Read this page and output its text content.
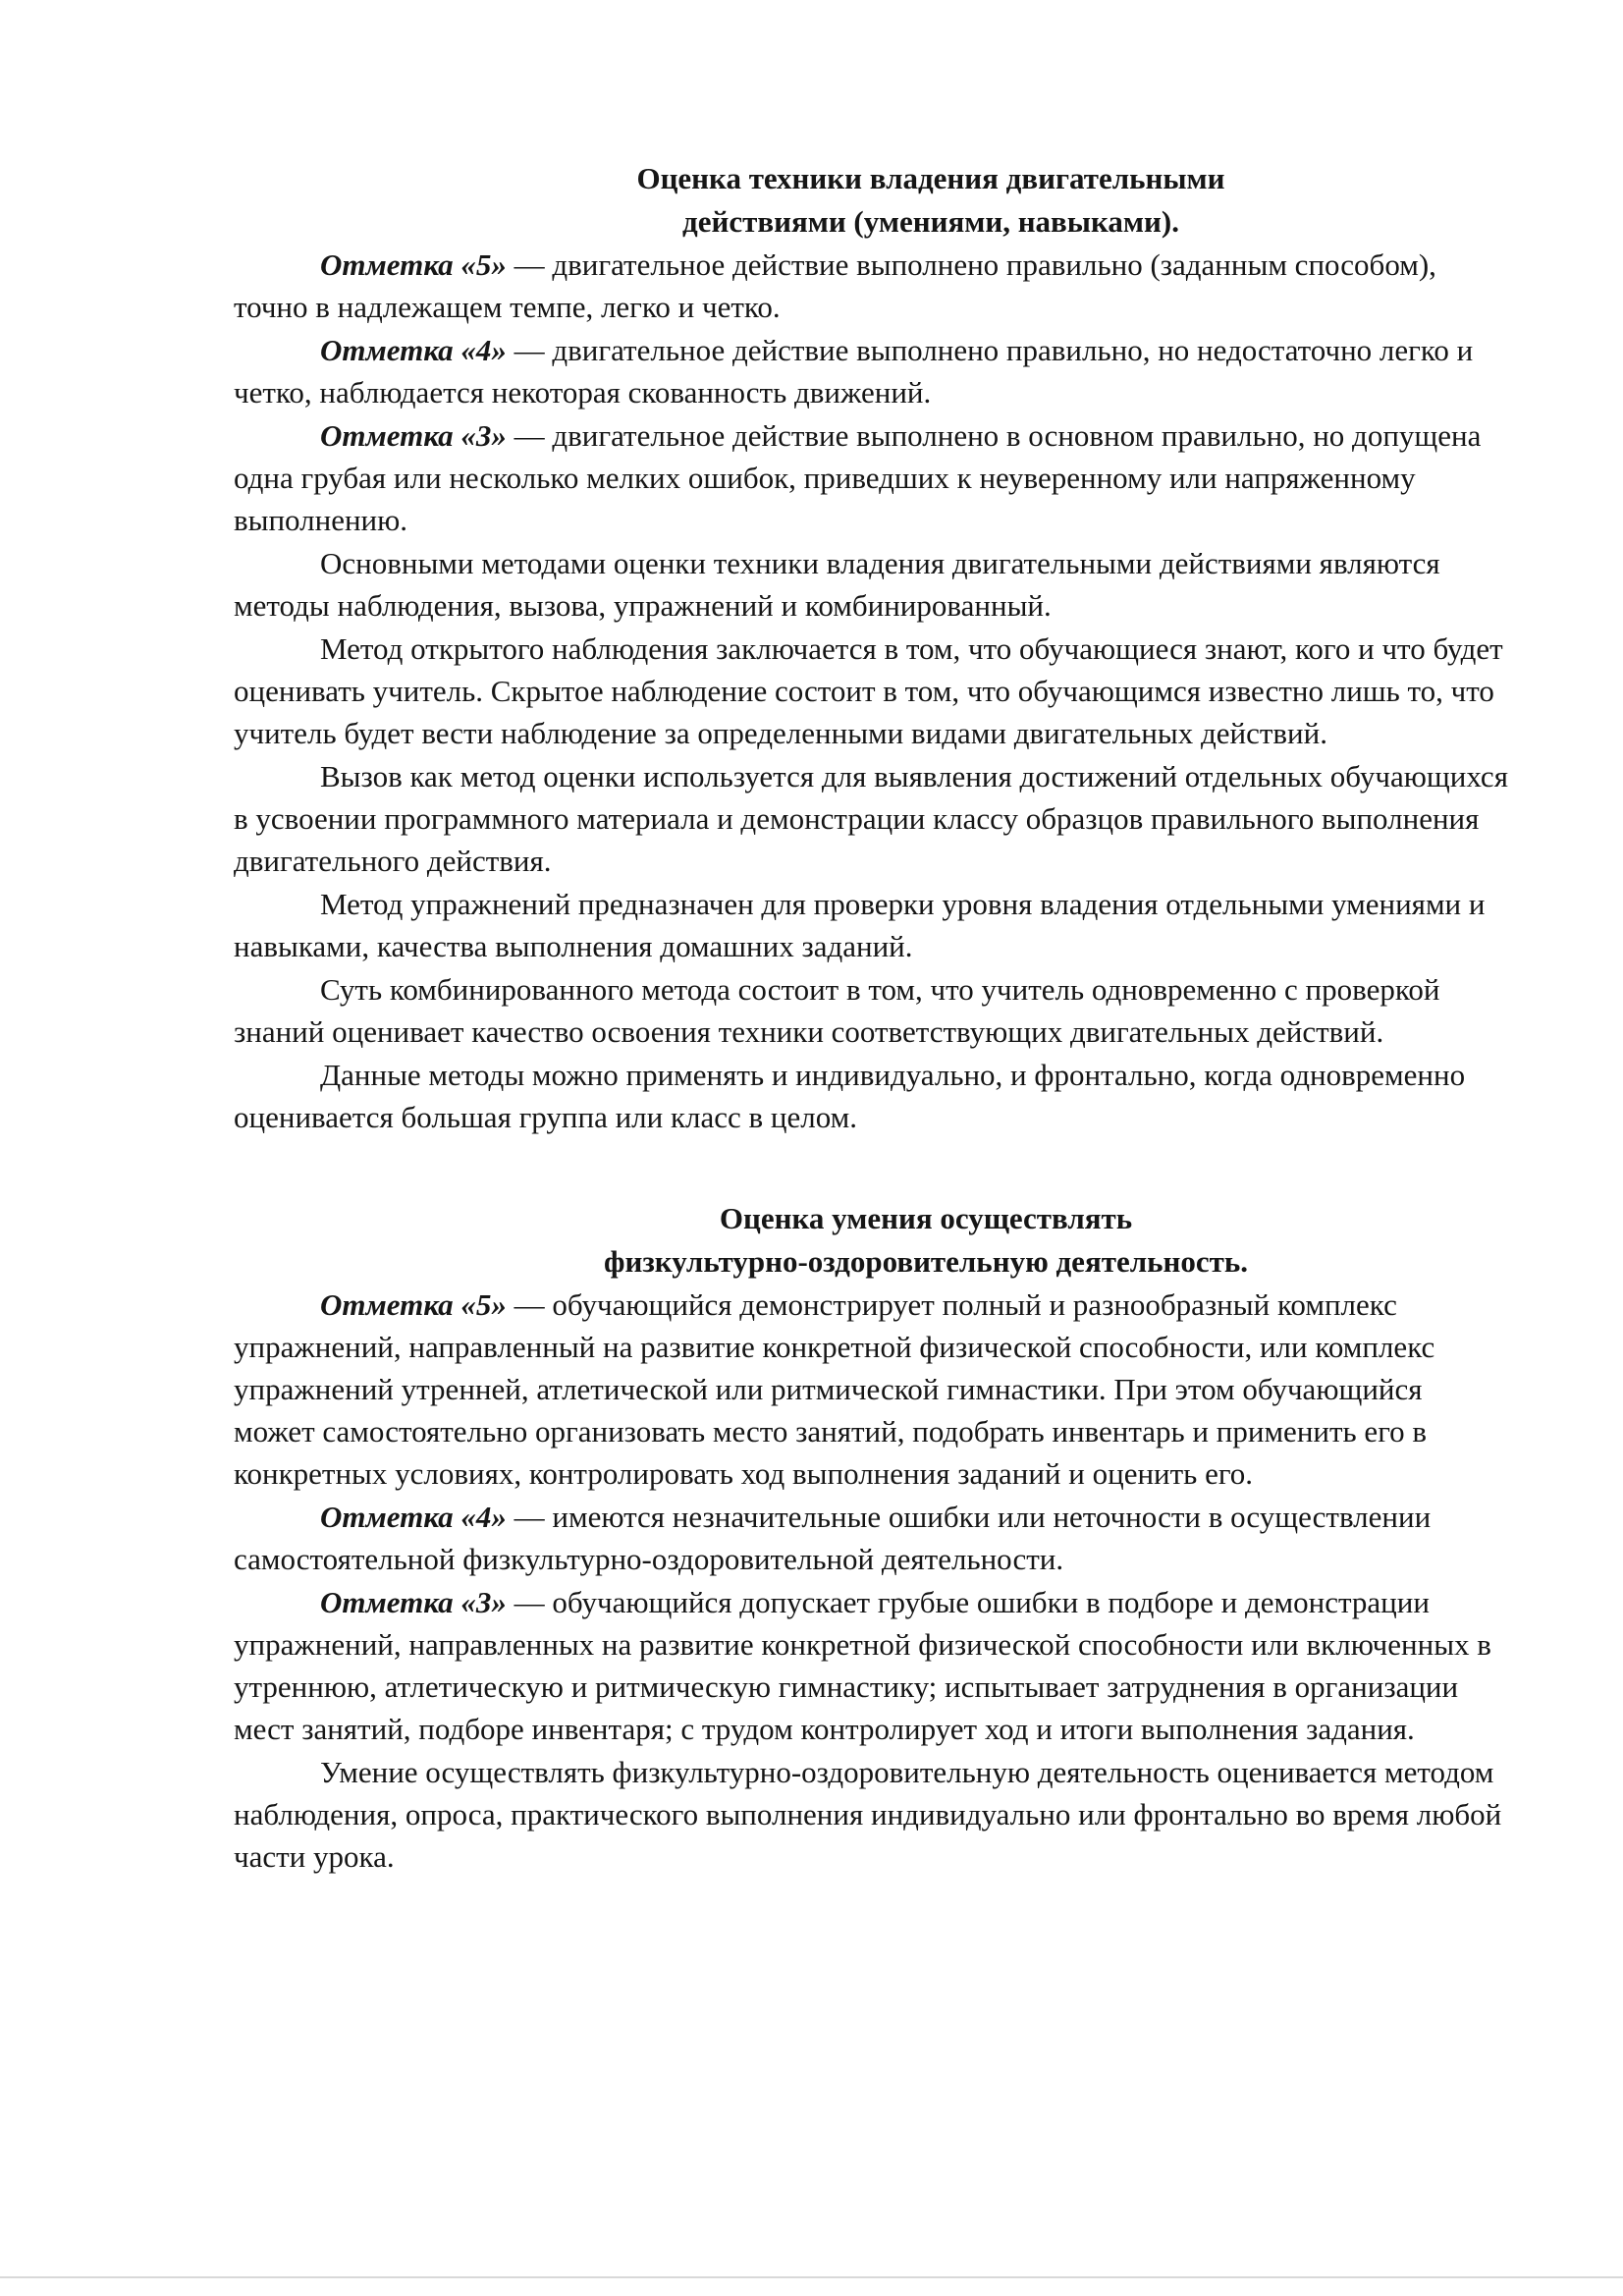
Оценка техники владения двигательными
действиями (умениями, навыками).

Отметка «5» — двигательное действие выполнено правильно (заданным способом), точно в надлежащем темпе, легко и четко.

Отметка «4» — двигательное действие выполнено правильно, но недостаточно легко и четко, наблюдается некоторая скованность движений.

Отметка «3» — двигательное действие выполнено в основном правильно, но допущена одна грубая или несколько мелких ошибок, приведших к неуверенному или напряженному выполнению.

Основными методами оценки техники владения двигательными действиями являются методы наблюдения, вызова, упражнений и комбинированный.

Метод открытого наблюдения заключается в том, что обучающиеся знают, кого и что будет оценивать учитель. Скрытое наблюдение состоит в том, что обучающимся известно лишь то, что учитель будет вести наблюдение за определенными видами двигательных действий.

Вызов как метод оценки используется для выявления достижений отдельных обучающихся в усвоении программного материала и демонстрации классу образцов правильного выполнения двигательного действия.

Метод упражнений предназначен для проверки уровня владения отдельными умениями и навыками, качества выполнения домашних заданий.

Суть комбинированного метода состоит в том, что учитель одновременно с проверкой знаний оценивает качество освоения техники соответствующих двигательных действий.

Данные методы можно применять и индивидуально, и фронтально, когда одновременно оценивается большая группа или класс в целом.

Оценка умения осуществлять
физкультурно-оздоровительную деятельность.

Отметка «5» — обучающийся демонстрирует полный и разнообразный комплекс упражнений, направленный на развитие конкретной физической способности, или комплекс упражнений утренней, атлетической или ритмической гимнастики. При этом обучающийся может самостоятельно организовать место занятий, подобрать инвентарь и применить его в конкретных условиях, контролировать ход выполнения заданий и оценить его.

Отметка «4» — имеются незначительные ошибки или неточности в осуществлении самостоятельной физкультурно-оздоровительной деятельности.

Отметка «3» — обучающийся допускает грубые ошибки в подборе и демонстрации упражнений, направленных на развитие конкретной физической способности или включенных в утреннюю, атлетическую и ритмическую гимнастику; испытывает затруднения в организации мест занятий, подборе инвентаря; с трудом контролирует ход и итоги выполнения задания.

Умение осуществлять физкультурно-оздоровительную деятельность оценивается методом наблюдения, опроса, практического выполнения индивидуально или фронтально во время любой части урока.
